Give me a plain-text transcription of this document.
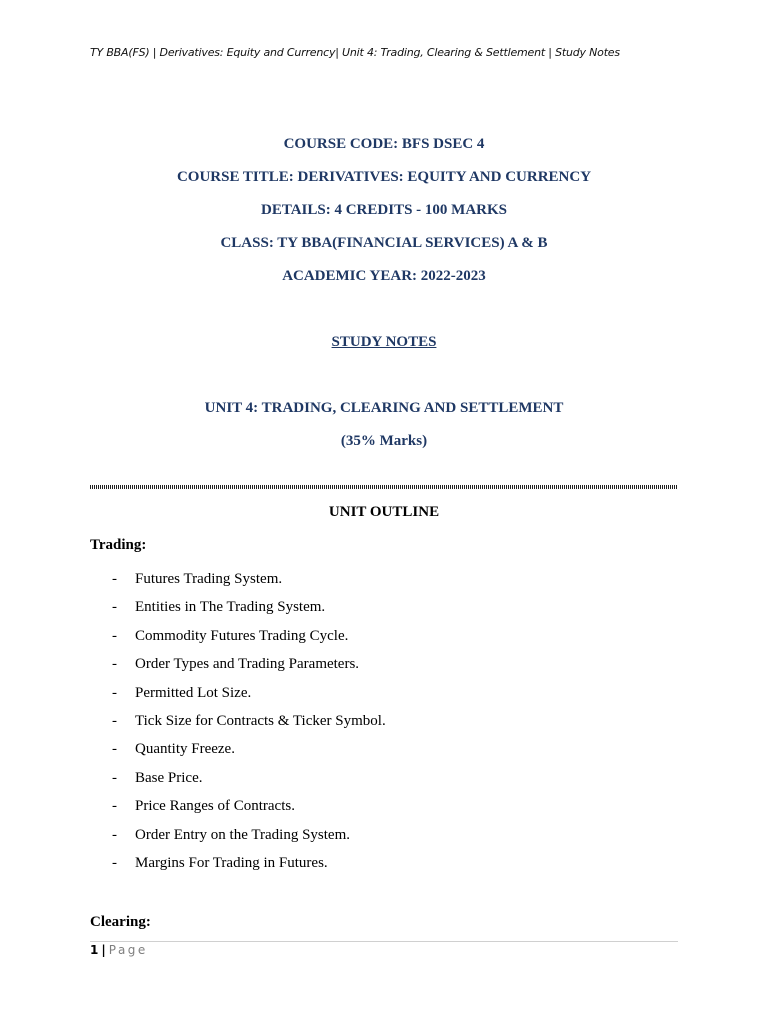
TY BBA(FS) | Derivatives: Equity and Currency| Unit 4: Trading, Clearing & Settlement | Study Notes
COURSE CODE: BFS DSEC 4
COURSE TITLE: DERIVATIVES: EQUITY AND CURRENCY
DETAILS: 4 CREDITS - 100 MARKS
CLASS: TY BBA(FINANCIAL SERVICES) A & B
ACADEMIC YEAR: 2022-2023
STUDY NOTES
UNIT 4: TRADING, CLEARING AND SETTLEMENT
(35% Marks)
UNIT OUTLINE
Trading:
- Futures Trading System.
- Entities in The Trading System.
- Commodity Futures Trading Cycle.
- Order Types and Trading Parameters.
- Permitted Lot Size.
- Tick Size for Contracts & Ticker Symbol.
- Quantity Freeze.
- Base Price.
- Price Ranges of Contracts.
- Order Entry on the Trading System.
- Margins For Trading in Futures.
Clearing:
1 | Page
